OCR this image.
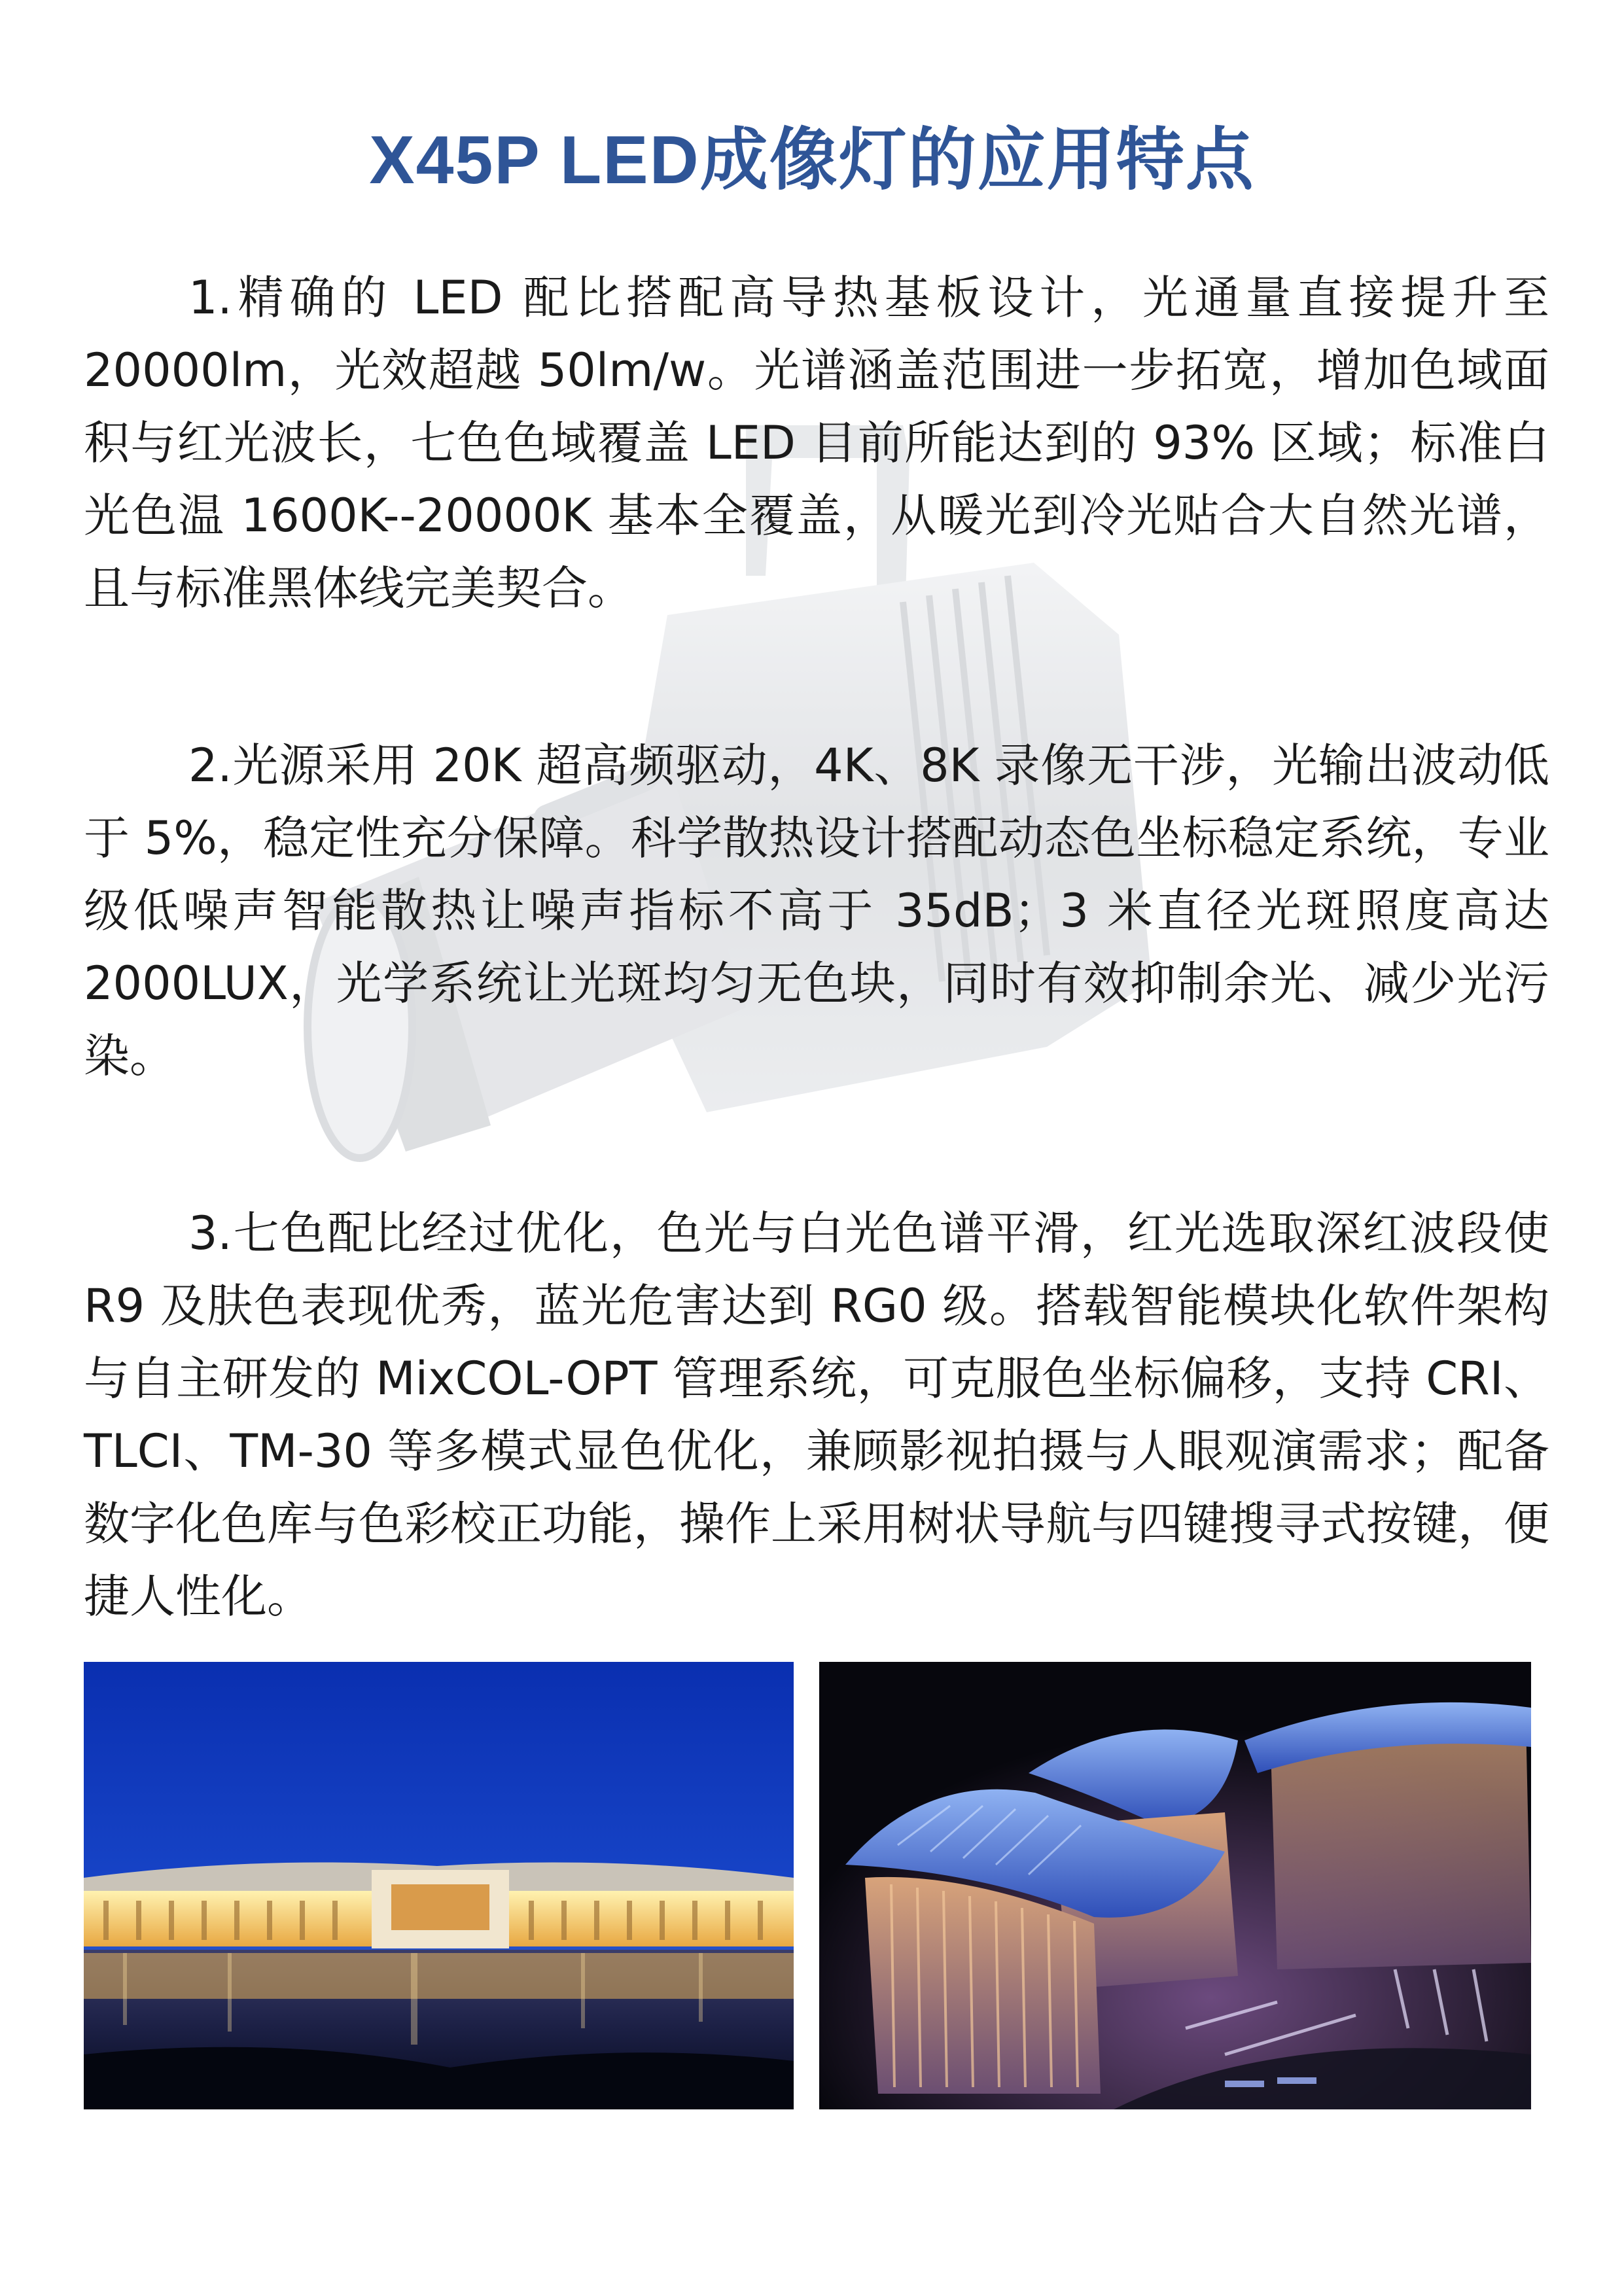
X45P LED成像灯的应用特点

1.精确的 LED 配比搭配高导热基板设计，光通量直接提升至 20000lm，光效超越 50lm/w。光谱涵盖范围进一步拓宽，增加色域面积与红光波长，七色色域覆盖 LED 目前所能达到的 93% 区域；标准白光色温 1600K--20000K 基本全覆盖，从暖光到冷光贴合大自然光谱，且与标准黑体线完美契合。

2.光源采用 20K 超高频驱动，4K、8K 录像无干涉，光输出波动低于 5%，稳定性充分保障。科学散热设计搭配动态色坐标稳定系统，专业级低噪声智能散热让噪声指标不高于 35dB；3 米直径光斑照度高达 2000LUX，光学系统让光斑均匀无色块，同时有效抑制余光、减少光污染。

3.七色配比经过优化，色光与白光色谱平滑，红光选取深红波段使 R9 及肤色表现优秀，蓝光危害达到 RG0 级。搭载智能模块化软件架构与自主研发的 MixCOL-OPT 管理系统，可克服色坐标偏移，支持 CRI、TLCI、TM-30 等多模式显色优化，兼顾影视拍摄与人眼观演需求；配备数字化色库与色彩校正功能，操作上采用树状导航与四键搜寻式按键，便捷人性化。
